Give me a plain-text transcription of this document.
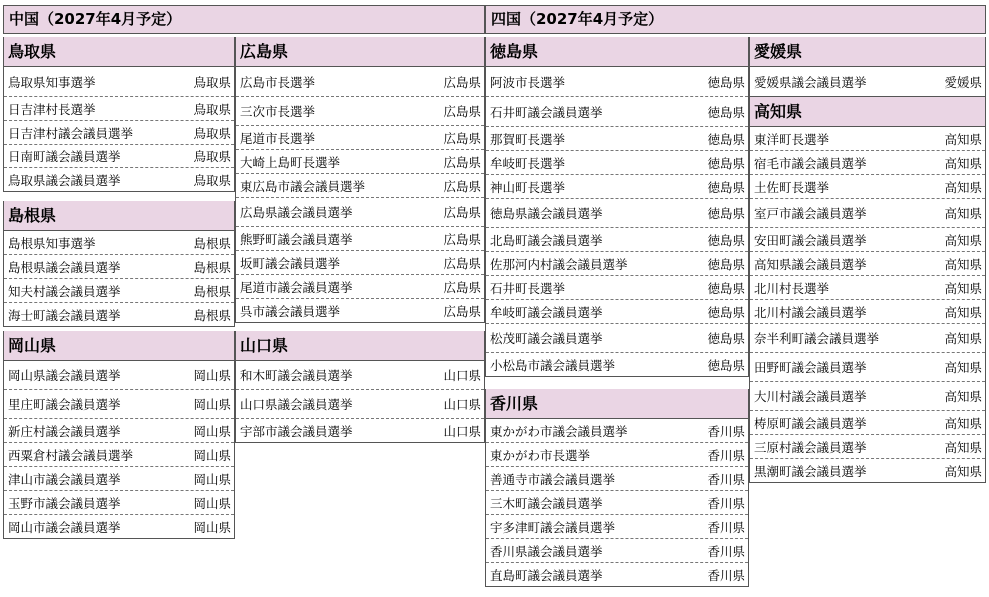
中国（2027年4月予定）	四国（2027年4月予定）
鳥取県
鳥取県知事選挙	鳥取県
日吉津村長選挙	鳥取県
日吉津村議会議員選挙	鳥取県
日南町議会議員選挙	鳥取県
鳥取県議会議員選挙	鳥取県
島根県
島根県知事選挙	島根県
島根県議会議員選挙	島根県
知夫村議会議員選挙	島根県
海士町議会議員選挙	島根県
岡山県
岡山県議会議員選挙	岡山県
里庄町議会議員選挙	岡山県
新庄村議会議員選挙	岡山県
西粟倉村議会議員選挙	岡山県
津山市議会議員選挙	岡山県
玉野市議会議員選挙	岡山県
岡山市議会議員選挙	岡山県
広島県
広島市長選挙	広島県
三次市長選挙	広島県
尾道市長選挙	広島県
大崎上島町長選挙	広島県
東広島市議会議員選挙	広島県
広島県議会議員選挙	広島県
熊野町議会議員選挙	広島県
坂町議会議員選挙	広島県
尾道市議会議員選挙	広島県
呉市議会議員選挙	広島県
山口県
和木町議会議員選挙	山口県
山口県議会議員選挙	山口県
宇部市議会議員選挙	山口県
徳島県
阿波市長選挙	徳島県
石井町議会議員選挙	徳島県
那賀町長選挙	徳島県
牟岐町長選挙	徳島県
神山町長選挙	徳島県
徳島県議会議員選挙	徳島県
北島町議会議員選挙	徳島県
佐那河内村議会議員選挙	徳島県
石井町長選挙	徳島県
牟岐町議会議員選挙	徳島県
松茂町議会議員選挙	徳島県
小松島市議会議員選挙	徳島県
香川県
東かがわ市議会議員選挙	香川県
東かがわ市長選挙	香川県
善通寺市議会議員選挙	香川県
三木町議会議員選挙	香川県
宇多津町議会議員選挙	香川県
香川県議会議員選挙	香川県
直島町議会議員選挙	香川県
愛媛県
愛媛県議会議員選挙	愛媛県
高知県
東洋町長選挙	高知県
宿毛市議会議員選挙	高知県
土佐町長選挙	高知県
室戸市議会議員選挙	高知県
安田町議会議員選挙	高知県
高知県議会議員選挙	高知県
北川村長選挙	高知県
北川村議会議員選挙	高知県
奈半利町議会議員選挙	高知県
田野町議会議員選挙	高知県
大川村議会議員選挙	高知県
梼原町議会議員選挙	高知県
三原村議会議員選挙	高知県
黒潮町議会議員選挙	高知県
